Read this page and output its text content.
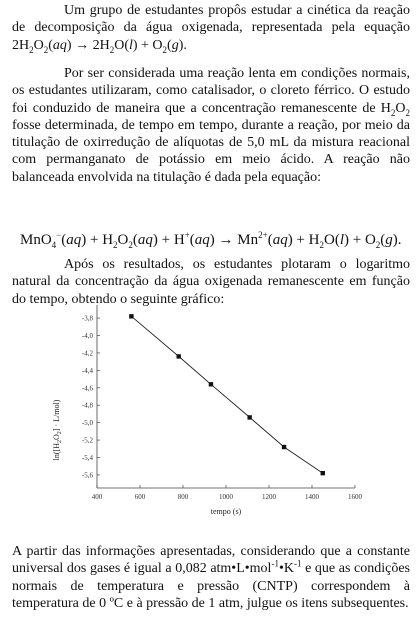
Um grupo de estudantes propôs estudar a cinética da reação de decomposição da água oxigenada, representada pela equação $2H_2O_2(aq) \to 2H_2O(l) + O_2(g)$.
Por ser considerada uma reação lenta em condições normais, os estudantes utilizaram, como catalisador, o cloreto férrico. O estudo foi conduzido de maneira que a concentração remanescente de $H_2O_2$ fosse determinada, de tempo em tempo, durante a reação, por meio da titulação de oxirredução de alíquotas de 5,0 mL da mistura reacional com permanganato de potássio em meio ácido. A reação não balanceada envolvida na titulação é dada pela equação:
$MnO_4^-(aq) + H_2O_2(aq) + H^+(aq) \to Mn^{2+}(aq) + H_2O(l) + O_2(g)$.
Após os resultados, os estudantes plotaram o logaritmo natural da concentração da água oxigenada remanescente em função do tempo, obtendo o seguinte gráfico:
-3,8
-4,0
-4,2
-4,4
-4,6
-4,8
-5,0
-5,2
-5,4
-5,6
400	600	800	1000	1200	1400	1600
tempo (s)
$\ln([H_2O_2] \cdot L/mol)$
A partir das informações apresentadas, considerando que a constante universal dos gases é igual a 0,082 $atm•L•mol^{-1}•K^{-1}$ e que as condições normais de temperatura e pressão (CNTP) correspondem à temperatura de 0 ºC e à pressão de 1 atm, julgue os itens subsequentes.
